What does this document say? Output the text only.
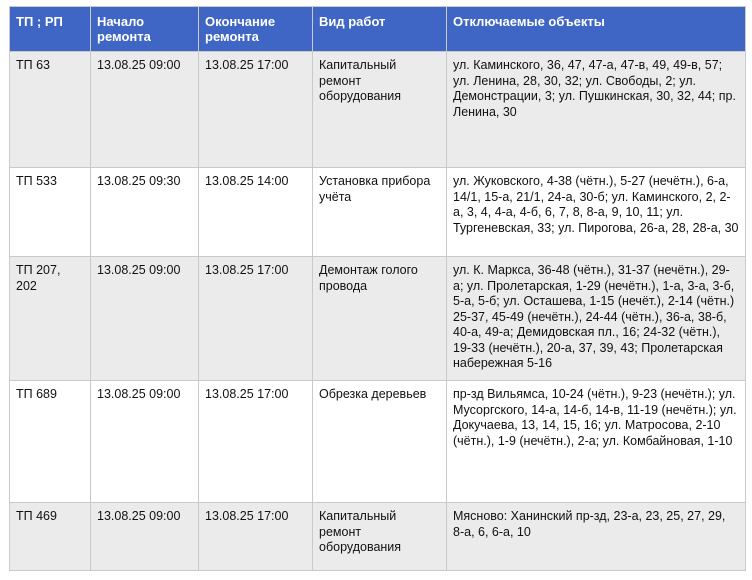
ТП ; РП	Начало ремонта	Окончание ремонта	Вид работ	Отключаемые объекты
ТП 63	13.08.25 09:00	13.08.25 17:00	Капитальный ремонт оборудования	ул. Каминского, 36, 47, 47-а, 47-в, 49, 49-в, 57; ул. Ленина, 28, 30, 32; ул. Свободы, 2; ул. Демонстрации, 3; ул. Пушкинская, 30, 32, 44; пр. Ленина, 30
ТП 533	13.08.25 09:30	13.08.25 14:00	Установка прибора учёта	ул. Жуковского, 4-38 (чётн.), 5-27 (нечётн.), 6-а, 14/1, 15-а, 21/1, 24-а, 30-б; ул. Каминского, 2, 2-а, 3, 4, 4-а, 4-б, 6, 7, 8, 8-а, 9, 10, 11; ул. Тургеневская, 33; ул. Пирогова, 26-а, 28, 28-а, 30
ТП 207, 202	13.08.25 09:00	13.08.25 17:00	Демонтаж голого провода	ул. К. Маркса, 36-48 (чётн.), 31-37 (нечётн.), 29-а; ул. Пролетарская, 1-29 (нечётн.), 1-а, 3-а, 3-б, 5-а, 5-б; ул. Осташева, 1-15 (нечёт.), 2-14 (чётн.) 25-37, 45-49 (нечётн.), 24-44 (чётн.), 36-а, 38-б, 40-а, 49-а; Демидовская пл., 16; 24-32 (чётн.), 19-33 (нечётн.), 20-а, 37, 39, 43; Пролетарская набережная 5-16
ТП 689	13.08.25 09:00	13.08.25 17:00	Обрезка деревьев	пр-зд Вильямса, 10-24 (чётн.), 9-23 (нечётн.); ул. Мусоргского, 14-а, 14-б, 14-в, 11-19 (нечётн.); ул. Докучаева, 13, 14, 15, 16; ул. Матросова, 2-10 (чётн.), 1-9 (нечётн.), 2-а; ул. Комбайновая, 1-10
ТП 469	13.08.25 09:00	13.08.25 17:00	Капитальный ремонт оборудования	Мясново: Ханинский пр-зд, 23-а, 23, 25, 27, 29, 8-а, 6, 6-а, 10
